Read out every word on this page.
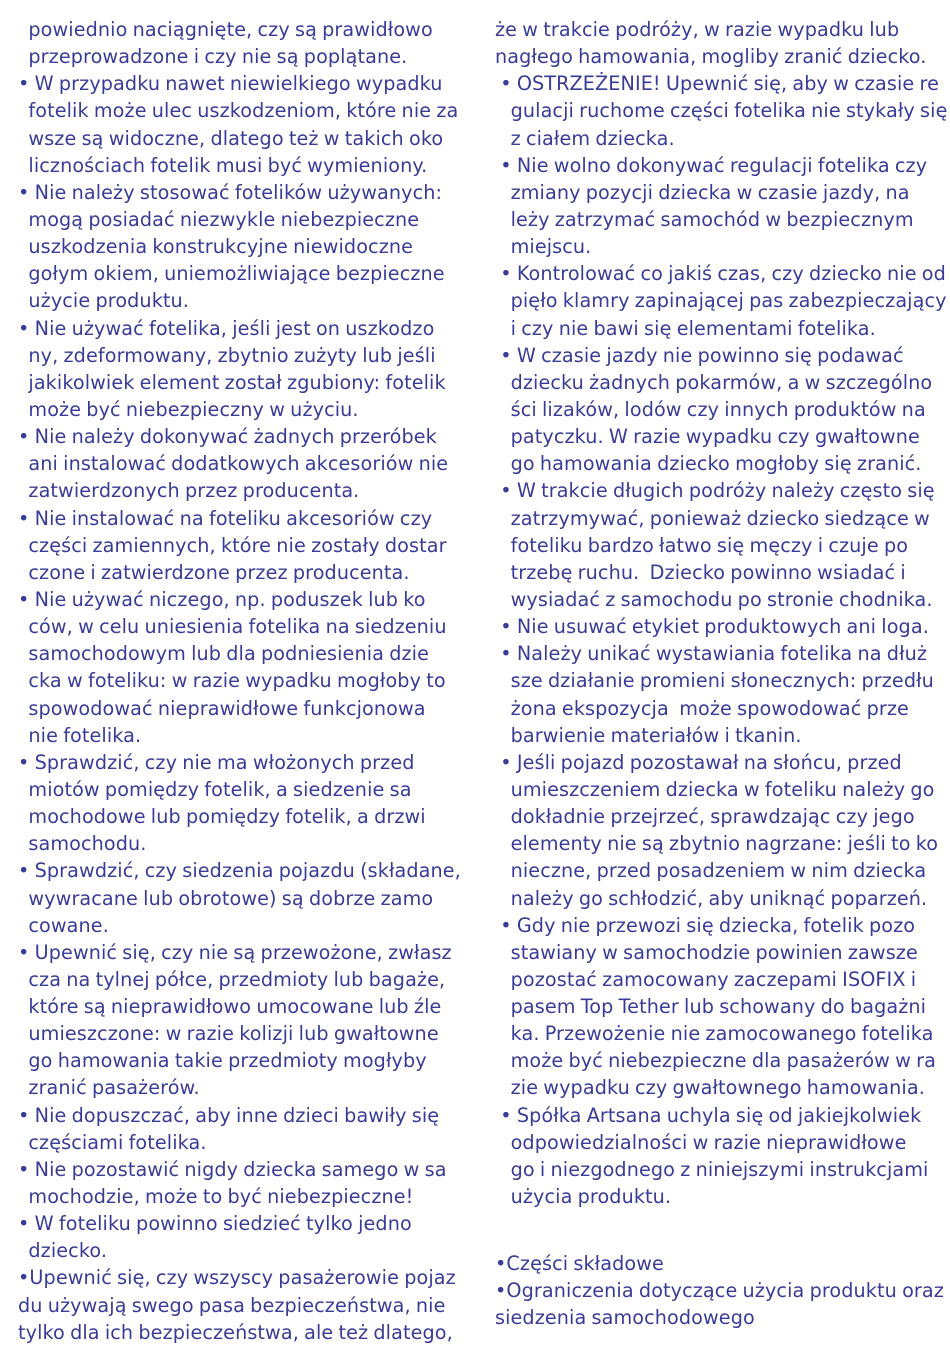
powiednio naciągnięte, czy są prawidłowo
przeprowadzone i czy nie są poplątane.
• W przypadku nawet niewielkiego wypadku
fotelik może ulec uszkodzeniom, które nie za
wsze są widoczne, dlatego też w takich oko
licznościach fotelik musi być wymieniony.
• Nie należy stosować fotelików używanych:
mogą posiadać niezwykle niebezpieczne
uszkodzenia konstrukcyjne niewidoczne
gołym okiem, uniemożliwiające bezpieczne
użycie produktu.
• Nie używać fotelika, jeśli jest on uszkodzo
ny, zdeformowany, zbytnio zużyty lub jeśli
jakikolwiek element został zgubiony: fotelik
może być niebezpieczny w użyciu.
• Nie należy dokonywać żadnych przeróbek
ani instalować dodatkowych akcesoriów nie
zatwierdzonych przez producenta.
• Nie instalować na foteliku akcesoriów czy
części zamiennych, które nie zostały dostar
czone i zatwierdzone przez producenta.
• Nie używać niczego, np. poduszek lub ko
ców, w celu uniesienia fotelika na siedzeniu
samochodowym lub dla podniesienia dzie
cka w foteliku: w razie wypadku mogłoby to
spowodować nieprawidłowe funkcjonowa
nie fotelika.
• Sprawdzić, czy nie ma włożonych przed
miotów pomiędzy fotelik, a siedzenie sa
mochodowe lub pomiędzy fotelik, a drzwi
samochodu.
• Sprawdzić, czy siedzenia pojazdu (składane,
wywracane lub obrotowe) są dobrze zamo
cowane.
• Upewnić się, czy nie są przewożone, zwłasz
cza na tylnej półce, przedmioty lub bagaże,
które są nieprawidłowo umocowane lub źle
umieszczone: w razie kolizji lub gwałtowne
go hamowania takie przedmioty mogłyby
zranić pasażerów.
• Nie dopuszczać, aby inne dzieci bawiły się
częściami fotelika.
• Nie pozostawić nigdy dziecka samego w sa
mochodzie, może to być niebezpieczne!
• W foteliku powinno siedzieć tylko jedno
dziecko.
•Upewnić się, czy wszyscy pasażerowie pojaz
du używają swego pasa bezpieczeństwa, nie
tylko dla ich bezpieczeństwa, ale też dlatego,
że w trakcie podróży, w razie wypadku lub
nagłego hamowania, mogliby zranić dziecko.
• OSTRZEŻENIE! Upewnić się, aby w czasie re
gulacji ruchome części fotelika nie stykały się
z ciałem dziecka.
• Nie wolno dokonywać regulacji fotelika czy
zmiany pozycji dziecka w czasie jazdy, na
leży zatrzymać samochód w bezpiecznym
miejscu.
• Kontrolować co jakiś czas, czy dziecko nie od
pięło klamry zapinającej pas zabezpieczający
i czy nie bawi się elementami fotelika.
• W czasie jazdy nie powinno się podawać
dziecku żadnych pokarmów, a w szczególno
ści lizaków, lodów czy innych produktów na
patyczku. W razie wypadku czy gwałtowne
go hamowania dziecko mogłoby się zranić.
• W trakcie długich podróży należy często się
zatrzymywać, ponieważ dziecko siedzące w
foteliku bardzo łatwo się męczy i czuje po
trzebę ruchu.  Dziecko powinno wsiadać i
wysiadać z samochodu po stronie chodnika.
• Nie usuwać etykiet produktowych ani loga.
• Należy unikać wystawiania fotelika na dłuż
sze działanie promieni słonecznych: przedłu
żona ekspozycja  może spowodować prze
barwienie materiałów i tkanin.
• Jeśli pojazd pozostawał na słońcu, przed
umieszczeniem dziecka w foteliku należy go
dokładnie przejrzeć, sprawdzając czy jego
elementy nie są zbytnio nagrzane: jeśli to ko
nieczne, przed posadzeniem w nim dziecka
należy go schłodzić, aby uniknąć poparzeń.
• Gdy nie przewozi się dziecka, fotelik pozo
stawiany w samochodzie powinien zawsze
pozostać zamocowany zaczepami ISOFIX i
pasem Top Tether lub schowany do bagażni
ka. Przewożenie nie zamocowanego fotelika
może być niebezpieczne dla pasażerów w ra
zie wypadku czy gwałtownego hamowania.
• Spółka Artsana uchyla się od jakiejkolwiek
odpowiedzialności w razie nieprawidłowe
go i niezgodnego z niniejszymi instrukcjami
użycia produktu.
•Części składowe
•Ograniczenia dotyczące użycia produktu oraz
siedzenia samochodowego
